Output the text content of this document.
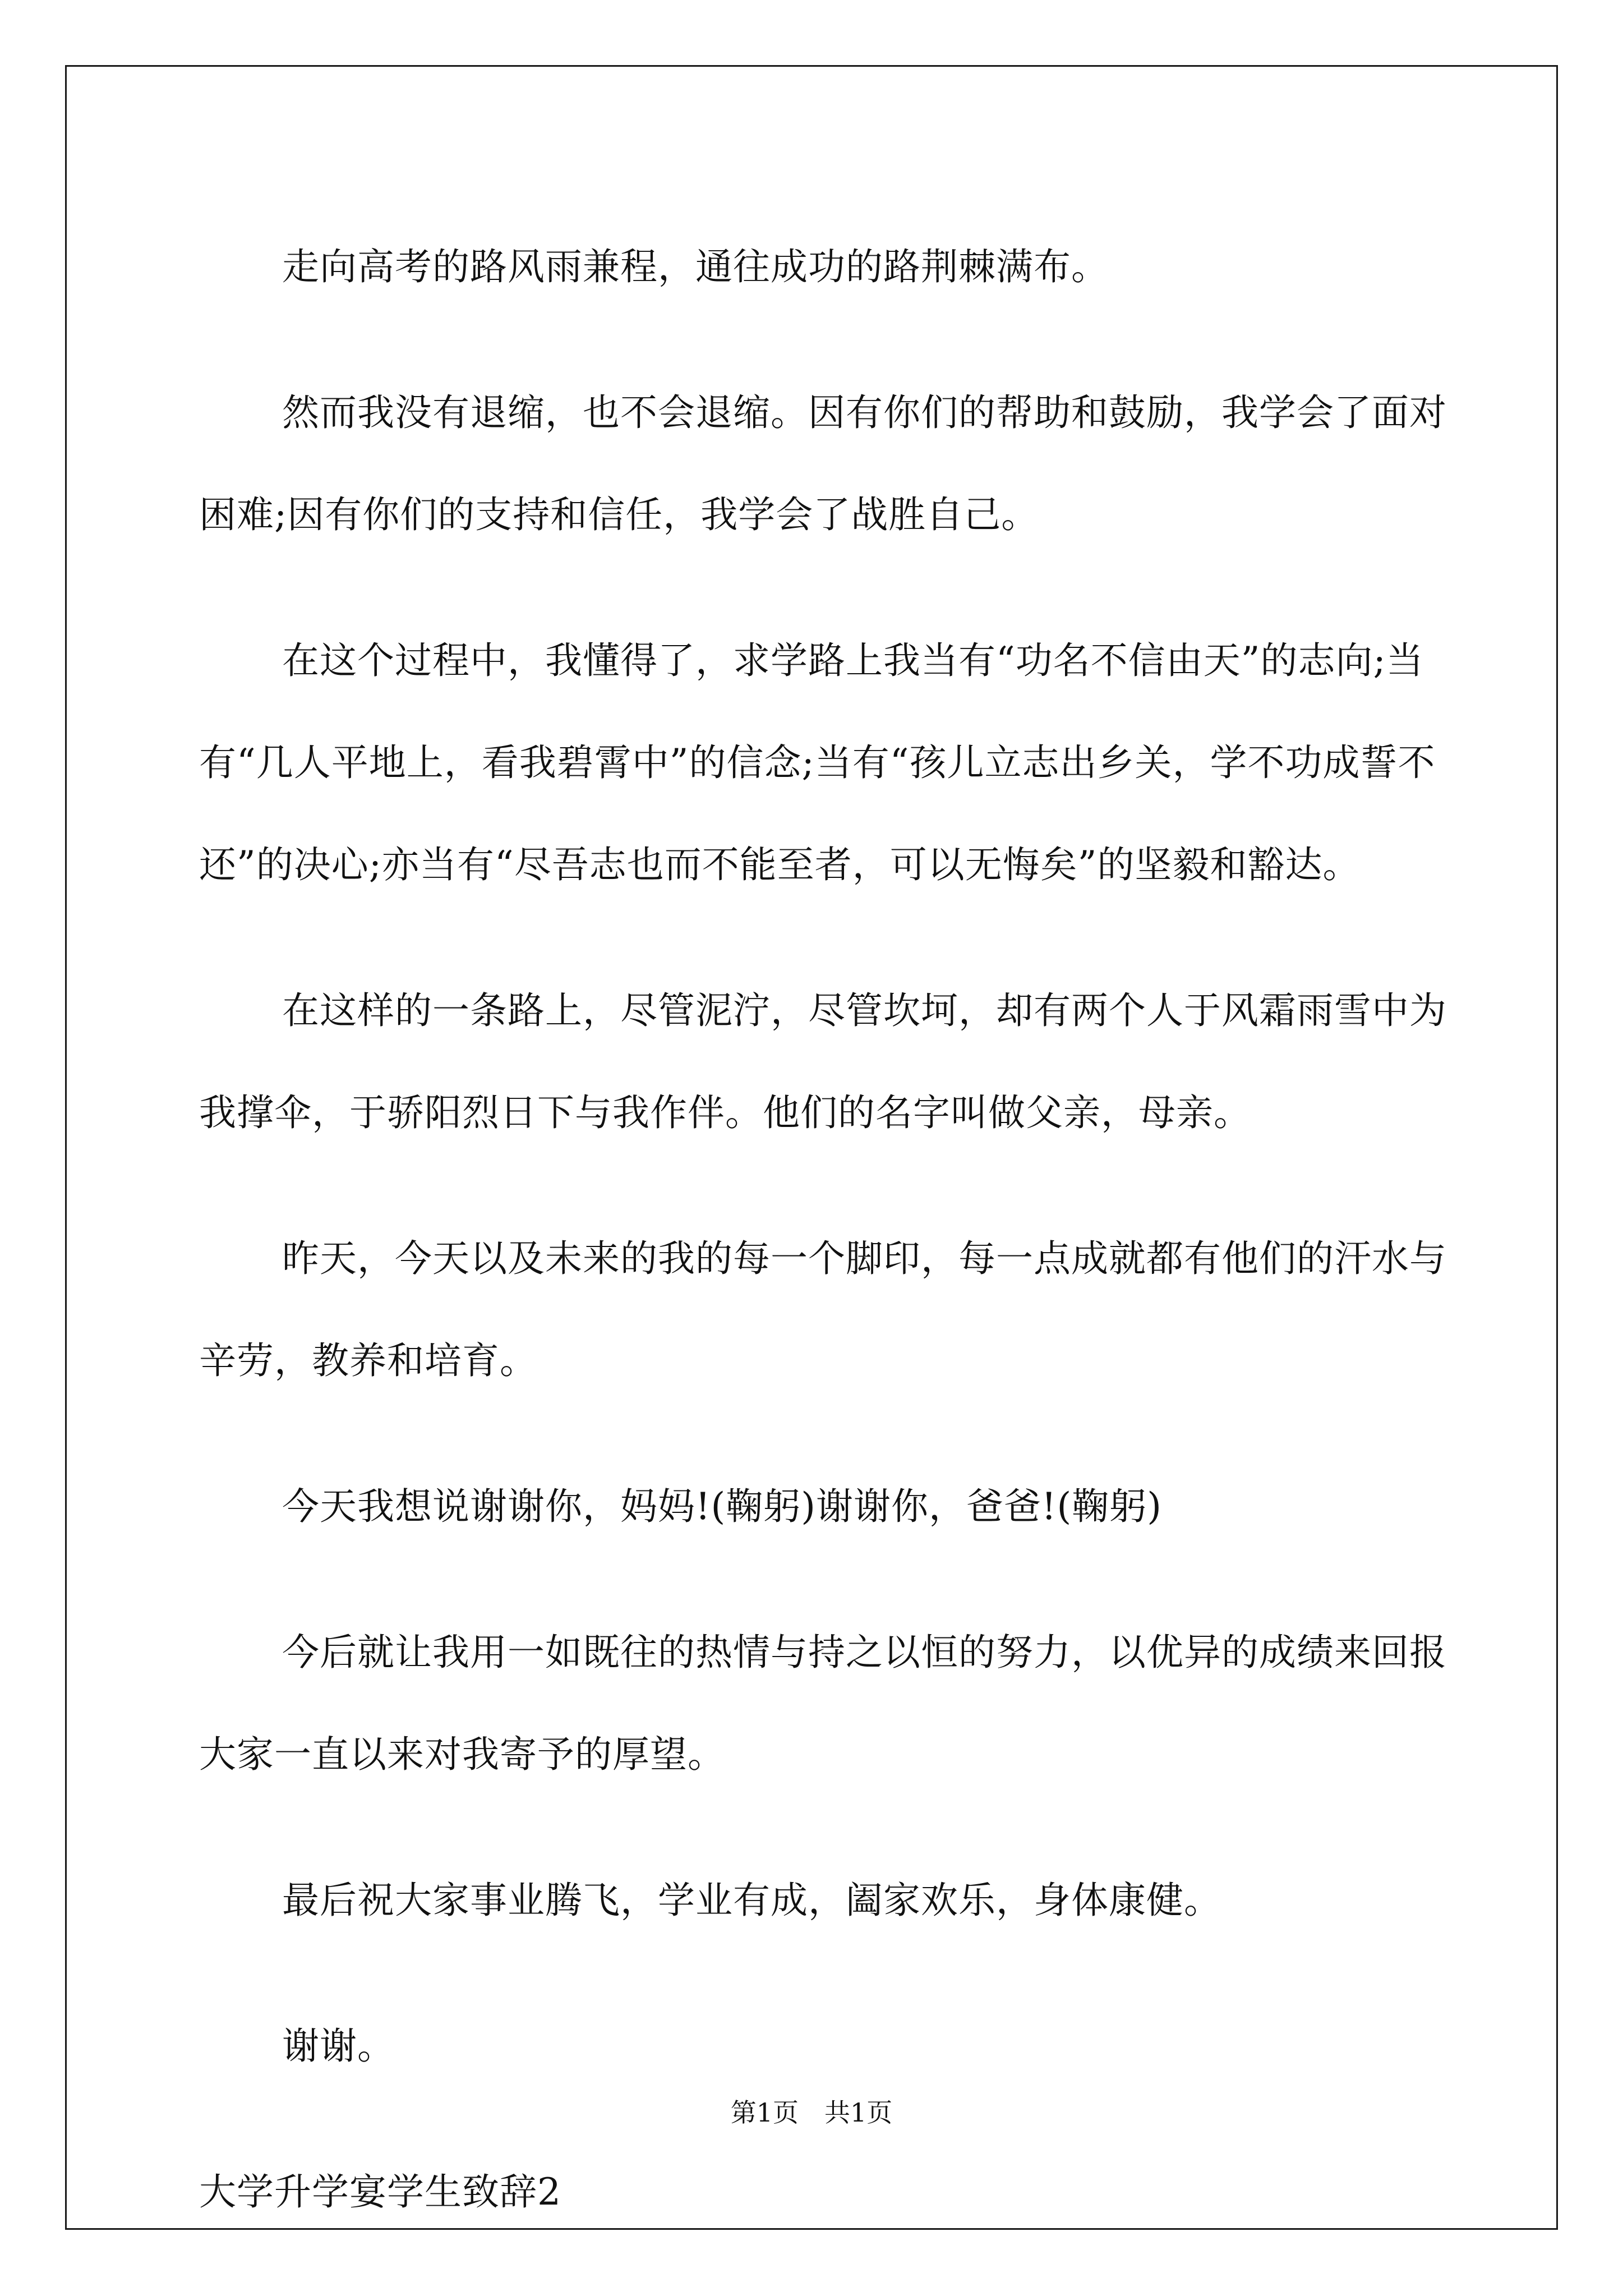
走向高考的路风雨兼程，通往成功的路荆棘满布。

然而我没有退缩，也不会退缩。因有你们的帮助和鼓励，我学会了面对困难;因有你们的支持和信任，我学会了战胜自己。

在这个过程中，我懂得了，求学路上我当有“功名不信由天”的志向;当有“几人平地上，看我碧霄中”的信念;当有“孩儿立志出乡关，学不功成誓不还”的决心;亦当有“尽吾志也而不能至者，可以无悔矣”的坚毅和豁达。

在这样的一条路上，尽管泥泞，尽管坎坷，却有两个人于风霜雨雪中为我撑伞，于骄阳烈日下与我作伴。他们的名字叫做父亲，母亲。

昨天，今天以及未来的我的每一个脚印，每一点成就都有他们的汗水与辛劳，教养和培育。

今天我想说谢谢你，妈妈!(鞠躬)谢谢你，爸爸!(鞠躬)

今后就让我用一如既往的热情与持之以恒的努力，以优异的成绩来回报大家一直以来对我寄予的厚望。

最后祝大家事业腾飞，学业有成，阖家欢乐，身体康健。

谢谢。

大学升学宴学生致辞2

第1页　共1页
